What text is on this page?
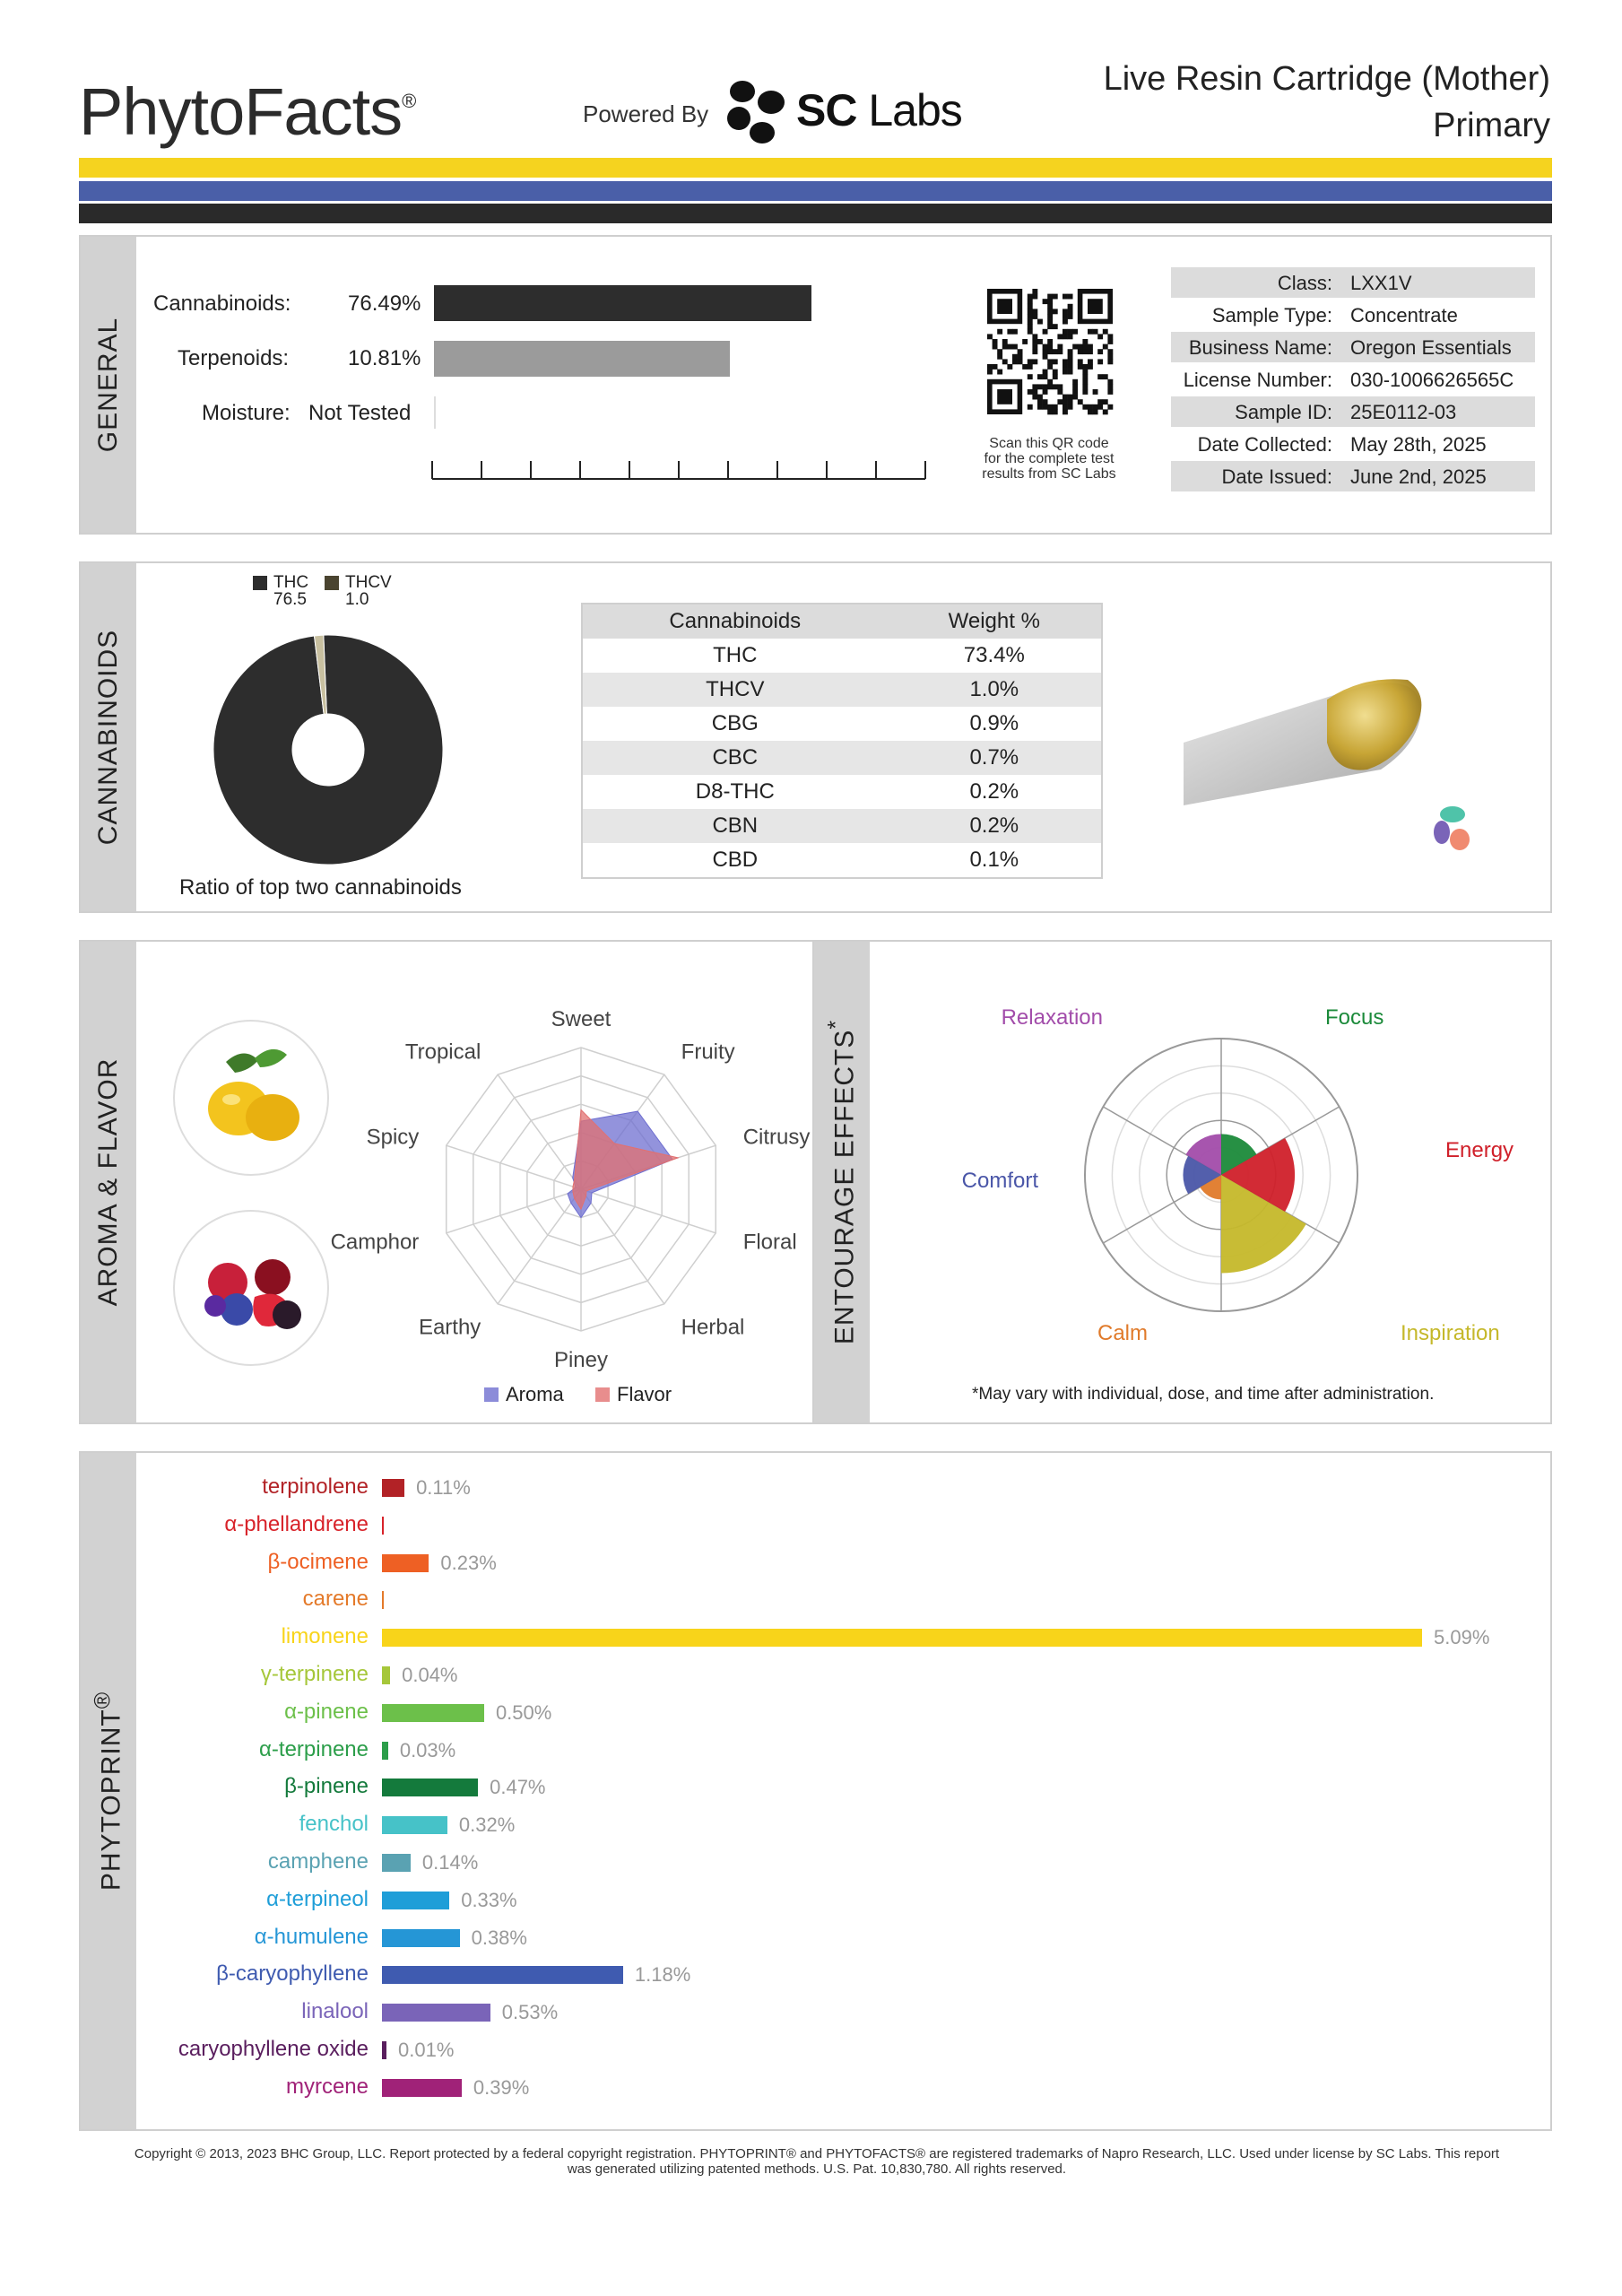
PhytoFacts®	Powered By SC Labs
Live Resin Cartridge (Mother)
Primary
GENERAL
Cannabinoids:	76.49%
Terpenoids:	10.81%
Moisture: Not Tested
Scan this QR code
for the complete test
results from SC Labs
Class: LXX1V
Sample Type: Concentrate
Business Name: Oregon Essentials
License Number: 030-1006626565C
Sample ID: 25E0112-03
Date Collected: May 28th, 2025
Date Issued: June 2nd, 2025
CANNABINOIDS
THC
76.5
THCV
1.0
Ratio of top two cannabinoids
Cannabinoids	Weight %
THC	73.4%
THCV	1.0%
CBG	0.9%
CBC	0.7%
D8-THC	0.2%
CBN	0.2%
CBD	0.1%
AROMA & FLAVOR
Sweet
Fruity
Citrusy
Floral
Herbal
Piney
Earthy
Camphor
Spicy
Tropical
Aroma	Flavor
ENTOURAGE EFFECTS*	Relaxation	Focus
Energy
Inspiration
Calm
Comfort
*May vary with individual, dose, and time after administration.
PHYTOPRINT®
terpinolene 0.11%
α-phellandrene
β-ocimene	0.23%
carene
limonene	5.09%
γ-terpinene 0.04%
α-pinene	0.50%
α-terpinene 0.03%
β-pinene	0.47%
fenchol	0.32%
camphene	0.14%
α-terpineol	0.33%
α-humulene	0.38%
β-caryophyllene	1.18%
linalool	0.53%
caryophyllene oxide 0.01%
myrcene	0.39%
Copyright © 2013, 2023 BHC Group, LLC. Report protected by a federal copyright registration. PHYTOPRINT® and PHYTOFACTS® are registered trademarks of Napro Research, LLC. Used under license by SC Labs. This report
was generated utilizing patented methods. U.S. Pat. 10,830,780. All rights reserved.
